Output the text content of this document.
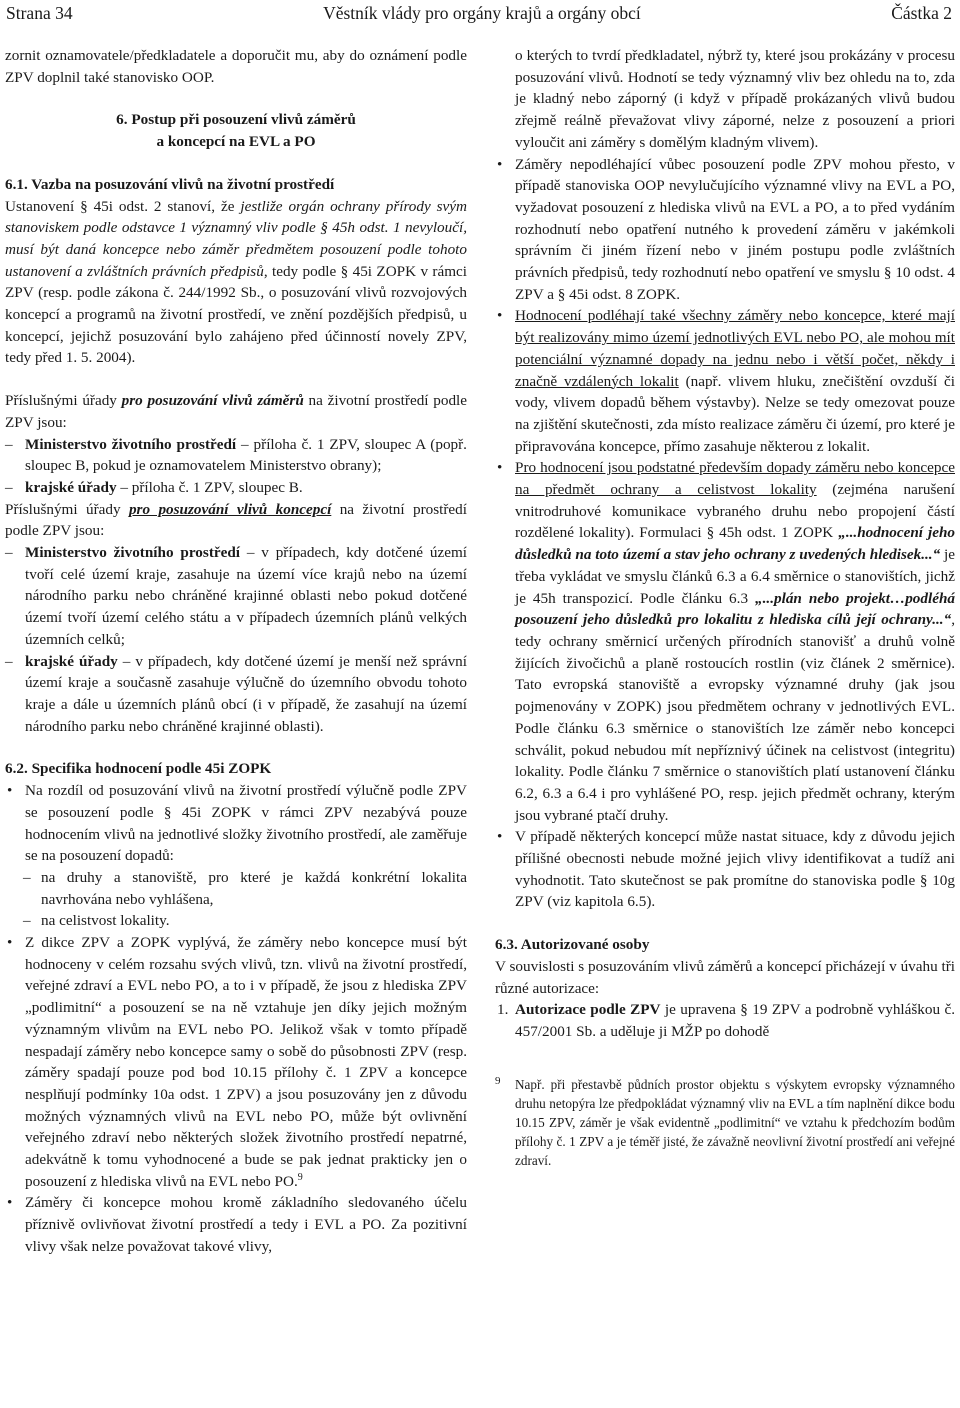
Strana 34	Věstník vlády pro orgány krajů a orgány obcí	Částka 2

zornit oznamovatele/předkladatele a doporučit mu, aby do oznámení podle ZPV doplnil také stanovisko OOP.

6. Postup při posouzení vlivů záměrů

a koncepcí na EVL a PO

6.1. Vazba na posuzování vlivů na životní prostředí

Ustanovení § 45i odst. 2 stanoví, že jestliže orgán ochrany přírody svým stanoviskem podle odstavce 1 významný vliv podle § 45h odst. 1 nevyloučí, musí být daná koncepce nebo záměr předmětem posouzení podle tohoto ustanovení a zvláštních právních předpisů, tedy podle § 45i ZOPK v rámci ZPV (resp. podle zákona č. 244/1992 Sb., o posuzování vlivů rozvojových koncepcí a programů na životní prostředí, ve znění pozdějších předpisů, u koncepcí, jejichž posuzování bylo zahájeno před účinností novely ZPV, tedy před 1. 5. 2004).

Příslušnými úřady pro posuzování vlivů záměrů na životní prostředí podle ZPV jsou:

– Ministerstvo životního prostředí – příloha č. 1 ZPV, sloupec A (popř. sloupec B, pokud je oznamovatelem Ministerstvo obrany);
– krajské úřady – příloha č. 1 ZPV, sloupec B.

Příslušnými úřady pro posuzování vlivů koncepcí na životní prostředí podle ZPV jsou:

– Ministerstvo životního prostředí – v případech, kdy dotčené území tvoří celé území kraje, zasahuje na území více krajů nebo na území národního parku nebo chráněné krajinné oblasti nebo pokud dotčené území tvoří území celého státu a v případech územních plánů velkých územních celků;
– krajské úřady – v případech, kdy dotčené území je menší než správní území kraje a současně zasahuje výlučně do územního obvodu tohoto kraje a dále u územních plánů obcí (i v případě, že zasahují na území národního parku nebo chráněné krajinné oblasti).

6.2. Specifika hodnocení podle 45i ZOPK

• Na rozdíl od posuzování vlivů na životní prostředí výlučně podle ZPV se posouzení podle § 45i ZOPK v rámci ZPV nezabývá pouze hodnocením vlivů na jednotlivé složky životního prostředí, ale zaměřuje se na posouzení dopadů:
– na druhy a stanoviště, pro které je každá konkrétní lokalita navrhována nebo vyhlášena,
– na celistvost lokality.
• Z dikce ZPV a ZOPK vyplývá, že záměry nebo koncepce musí být hodnoceny v celém rozsahu svých vlivů, tzn. vlivů na životní prostředí, veřejné zdraví a EVL nebo PO, a to i v případě, že jsou z hlediska ZPV „podlimitní“ a posouzení se na ně vztahuje jen díky jejich možným významným vlivům na EVL nebo PO. Jelikož však v tomto případě nespadají záměry nebo koncepce samy o sobě do působnosti ZPV (resp. záměry spadají pouze pod bod 10.15 přílohy č. 1 ZPV a koncepce nesplňují podmínky 10a odst. 1 ZPV) a jsou posuzovány jen z důvodu možných významných vlivů na EVL nebo PO, může být ovlivnění veřejného zdraví nebo některých složek životního prostředí nepatrné, adekvátně k tomu vyhodnocené a bude se pak jednat prakticky jen o posouzení z hlediska vlivů na EVL nebo PO.$^9$
• Záměry či koncepce mohou kromě základního sledovaného účelu příznivě ovlivňovat životní prostředí a tedy i EVL a PO. Za pozitivní vlivy však nelze považovat takové vlivy,
o kterých to tvrdí předkladatel, nýbrž ty, které jsou prokázány v procesu posuzování vlivů. Hodnotí se tedy významný vliv bez ohledu na to, zda je kladný nebo záporný (i když v případě prokázaných vlivů budou zřejmě reálně převažovat vlivy záporné, nelze z posouzení a priori vyloučit ani záměry s domělým kladným vlivem).
• Záměry nepodléhající vůbec posouzení podle ZPV mohou přesto, v případě stanoviska OOP nevylučujícího významné vlivy na EVL a PO, vyžadovat posouzení z hlediska vlivů na EVL a PO, a to před vydáním rozhodnutí nebo opatření nutného k provedení záměru v jakémkoli správním či jiném řízení nebo v jiném postupu podle zvláštních právních předpisů, tedy rozhodnutí nebo opatření ve smyslu § 10 odst. 4 ZPV a § 45i odst. 8 ZOPK.
• Hodnocení podléhají také všechny záměry nebo koncepce, které mají být realizovány mimo území jednotlivých EVL nebo PO, ale mohou mít potenciální významné dopady na jednu nebo i větší počet, někdy i značně vzdálených lokalit (např. vlivem hluku, znečištění ovzduší či vody, vlivem dopadů během výstavby). Nelze se tedy omezovat pouze na zjištění skutečnosti, zda místo realizace záměru či území, pro které je připravována koncepce, přímo zasahuje některou z lokalit.
• Pro hodnocení jsou podstatné především dopady záměru nebo koncepce na předmět ochrany a celistvost lokality (zejména narušení vnitrodruhové komunikace vybraného druhu nebo propojení částí rozdělené lokality). Formulaci § 45h odst. 1 ZOPK „...hodnocení jeho důsledků na toto území a stav jeho ochrany z uvedených hledisek...“ je třeba vykládat ve smyslu článků 6.3 a 6.4 směrnice o stanovištích, jichž je 45h transpozicí. Podle článku 6.3 „...plán nebo projekt…podléhá posouzení jeho důsledků pro lokalitu z hlediska cílů její ochrany...“, tedy ochrany směrnicí určených přírodních stanovišť a druhů volně žijících živočichů a planě rostoucích rostlin (viz článek 2 směrnice). Tato evropská stanoviště a evropsky významné druhy (jak jsou pojmenovány v ZOPK) jsou předmětem ochrany v jednotlivých EVL. Podle článku 6.3 směrnice o stanovištích lze záměr nebo koncepci schválit, pokud nebudou mít nepříznivý účinek na celistvost (integritu) lokality. Podle článku 7 směrnice o stanovištích platí ustanovení článku 6.2, 6.3 a 6.4 i pro vyhlášené PO, resp. jejich předmět ochrany, kterým jsou vybrané ptačí druhy.
• V případě některých koncepcí může nastat situace, kdy z důvodu jejich přílišné obecnosti nebude možné jejich vlivy identifikovat a tudíž ani vyhodnotit. Tato skutečnost se pak promítne do stanoviska podle § 10g ZPV (viz kapitola 6.5).

6.3. Autorizované osoby

V souvislosti s posuzováním vlivů záměrů a koncepcí přicházejí v úvahu tři různé autorizace:

1. Autorizace podle ZPV je upravena § 19 ZPV a podrobně vyhláškou č. 457/2001 Sb. a uděluje ji MŽP po dohodě
9 Např. při přestavbě půdních prostor objektu s výskytem evropsky významného druhu netopýra lze předpokládat významný vliv na EVL a tím naplnění dikce bodu 10.15 ZPV, záměr je však evidentně „podlimitní“ ve vztahu k předchozím bodům přílohy č. 1 ZPV a je téměř jisté, že závažně neovlivní životní prostředí ani veřejné zdraví.
